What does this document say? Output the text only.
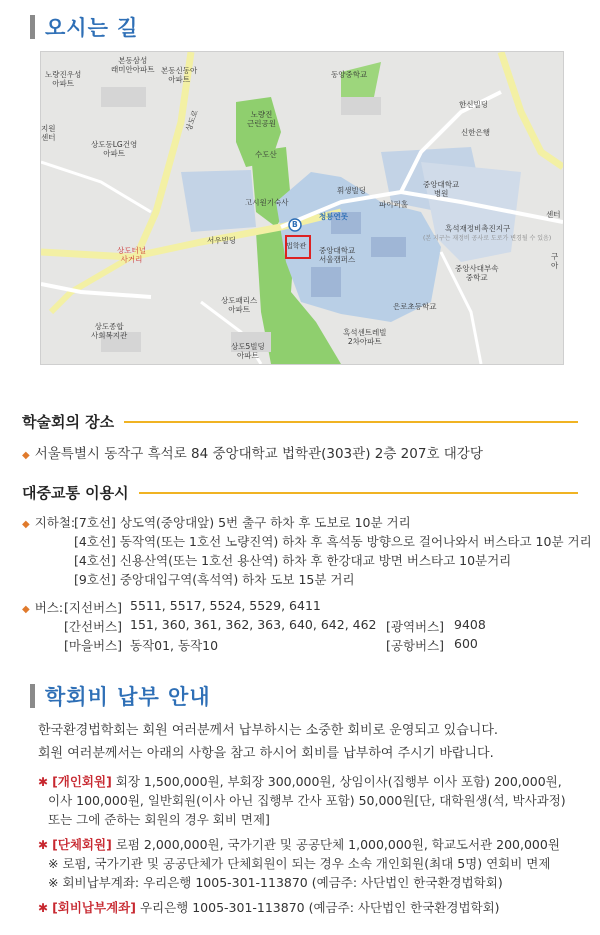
오시는 길
노량진우성
아파트
본동삼성
래미안아파트 본동신동아
아파트
동양중학교
노량진
근린공원
상도로
한신빌딩
신한은행
지원
센터
상도동LG건영
아파트	수도산
휘생빌딩
중앙대학교
병원
고시원기숙사	파이퍼홀
청룡연못
흑석재정비촉진지구
(본 지구는 재정비 공사로 도로가 변경될 수 있음)
센터
서우빌딩
B
법학관 중앙대학교
서울캠퍼스
상도터널
사거리
중앙사대부속
중학교
구
아
은로초등학교
상도패리스
아파트
상도종합
사회복지관	흑석센트레빌
2차아파트
상도5빌딩
아파트
학술회의 장소
◆ 서울특별시 동작구 흑석로 84 중앙대학교 법학관(303관) 2층 207호 대강당
대중교통 이용시
◆ 지하철:
[7호선] 상도역(중앙대앞) 5번 출구 하차 후 도보로 10분 거리
[4호선] 동작역(또는 1호선 노량진역) 하차 후 흑석동 방향으로 걸어나와서 버스타고 10분 거리
[4호선] 신용산역(또는 1호선 용산역) 하차 후 한강대교 방면 버스타고 10분거리
[9호선] 중앙대입구역(흑석역) 하차 도보 15분 거리
◆ 버스: [지선버스] 5511, 5517, 5524, 5529, 6411
[간선버스] 151, 360, 361, 362, 363, 640, 642, 462 [광역버스] 9408
[마을버스] 동작01, 동작10	[공항버스] 600
학회비 납부 안내
한국환경법학회는 회원 여러분께서 납부하시는 소중한 회비로 운영되고 있습니다.
회원 여러분께서는 아래의 사항을 참고 하시어 회비를 납부하여 주시기 바랍니다.
✱ [개인회원] 회장 1,500,000원, 부회장 300,000원, 상임이사(집행부 이사 포함) 200,000원,
이사 100,000원, 일반회원(이사 아닌 집행부 간사 포함) 50,000원[단, 대학원생(석, 박사과정)
또는 그에 준하는 회원의 경우 회비 면제]
✱ [단체회원] 로펌 2,000,000원, 국가기관 및 공공단체 1,000,000원, 학교도서관 200,000원
※ 로펌, 국가기관 및 공공단체가 단체회원이 되는 경우 소속 개인회원(최대 5명) 연회비 면제
※ 회비납부계좌: 우리은행 1005-301-113870 (예금주: 사단법인 한국환경법학회)
✱ [회비납부계좌] 우리은행 1005-301-113870 (예금주: 사단법인 한국환경법학회)
